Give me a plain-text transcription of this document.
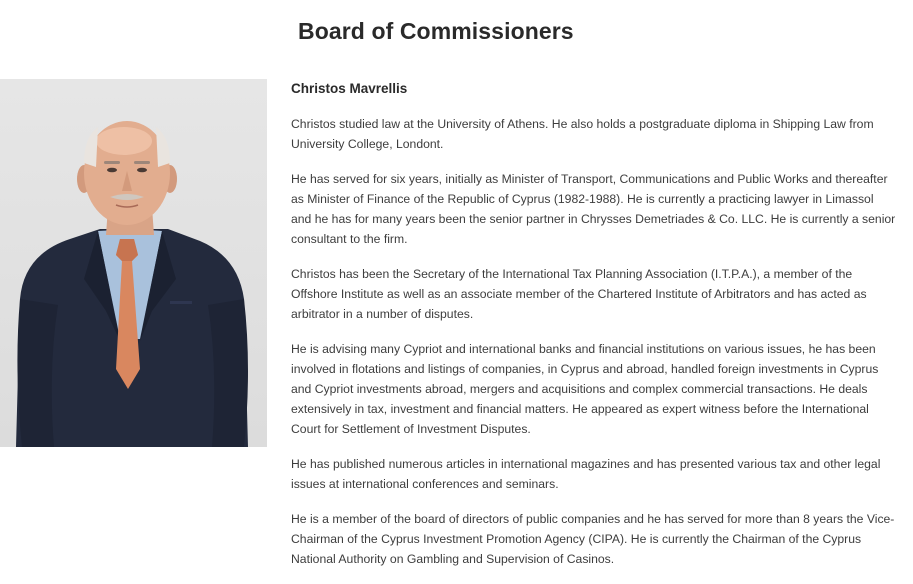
Board of Commissioners

Christos Mavrellis

Christos studied law at the University of Athens. He also holds a postgraduate diploma in Shipping Law from University College, Londont.

He has served for six years, initially as Minister of Transport, Communications and Public Works and thereafter as Minister of Finance of the Republic of Cyprus (1982-1988). He is currently a practicing lawyer in Limassol and he has for many years been the senior partner in Chrysses Demetriades & Co. LLC. He is currently a senior consultant to the firm.

Christos has been the Secretary of the International Tax Planning Association (I.T.P.A.), a member of the Offshore Institute as well as an associate member of the Chartered Institute of Arbitrators and has acted as arbitrator in a number of disputes.

He is advising many Cypriot and international banks and financial institutions on various issues, he has been involved in flotations and listings of companies, in Cyprus and abroad, handled foreign investments in Cyprus and Cypriot investments abroad, mergers and acquisitions and complex commercial transactions. He deals extensively in tax, investment and financial matters. He appeared as expert witness before the International Court for Settlement of Investment Disputes.

He has published numerous articles in international magazines and has presented various tax and other legal issues at international conferences and seminars.

He is a member of the board of directors of public companies and he has served for more than 8 years the Vice-Chairman of the Cyprus Investment Promotion Agency (CIPA). He is currently the Chairman of the Cyprus National Authority on Gambling and Supervision of Casinos.
